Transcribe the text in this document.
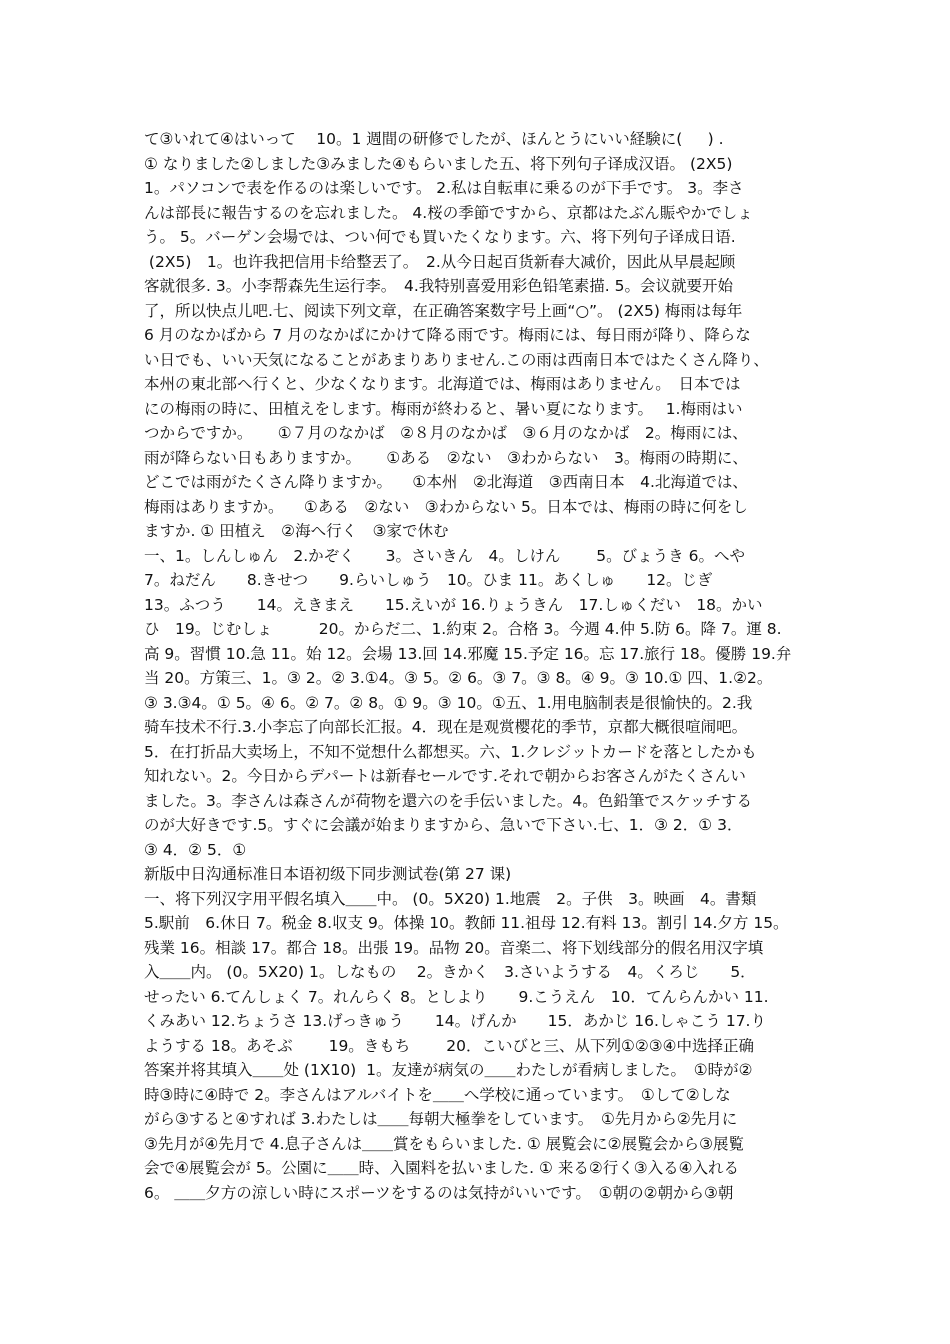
て③いれて④はいって　 10。1 週間の研修でしたが、ほんとうにいい経験に(　  ) .
① なりました②しました③みました④もらいました五、将下列句子译成汉语。 (2X5)
1。パソコンで表を作るのは楽しいです。 2.私は自転車に乗るのが下手です。 3。李さ
んは部長に報告するのを忘れました。 4.桜の季節ですから、京都はたぶん賑やかでしょ
う。 5。バーゲン会場では、つい何でも買いたくなります。六、将下列句子译成日语.
(2X5)　1。也许我把信用卡给整丟了。　2.从今日起百货新春大减价，因此从早晨起顾
客就很多. 3。小李帮森先生运行李。　4.我特别喜爱用彩色铅笔素描. 5。会议就要开始
了，所以快点儿吧.七、阅读下列文章，在正确答案数字号上画“○”。 (2X5) 梅雨は每年
6 月のなかばから 7 月のなかばにかけて降る雨です。梅雨には、每日雨が降り、降らな
い日でも、いい天気になることがあまりありません.この雨は西南日本ではたくさん降り、
本州の東北部へ行くと、少なくなります。北海道では、梅雨はありません。　日本では
にの梅雨の時に、田植えをします。梅雨が終わると、暑い夏になります。　 1.梅雨はい
つからですか。 　 ①７月のなかば　②８月のなかば　③６月のなかば　2。梅雨には、
雨が降らない日もありますか。 　 ①ある　②ない　③わからない　3。梅雨の時期に、
どこでは雨がたくさん降りますか。 　①本州　②北海道　③西南日本　4.北海道では、
梅雨はありますか。 　①ある　②ない　③わからない 5。日本では、梅雨の時に何をし
ますか. ① 田植え　②海へ行く　③家で休む
一、1。しんしゅん　2.かぞく　　3。さいきん　4。しけん　　 5。びょうき 6。へや
7。ねだん　　8.きせつ　　9.らいしゅう　10。ひま 11。あくしゅ　　12。じぎ
13。ふつう　　14。えきまえ　　15.えいが 16.りょうきん　17.しゅくだい　18。かい
ひ　19。じむしょ　　　20。からだ二、1.約束 2。合格 3。今週 4.仲 5.防 6。降 7。運 8.
高 9。習慣 10.急 11。始 12。会場 13.回 14.邪魔 15.予定 16。忘 17.旅行 18。優勝 19.弁
当 20。方策三、1。③ 2。② 3.①4。③ 5。② 6。③ 7。③ 8。④ 9。③ 10.① 四、1.②2。
③ 3.③4。① 5。④ 6。② 7。② 8。① 9。③ 10。①五、1.用电脑制表是很愉快的。2.我
骑车技术不行.3.小李忘了向部长汇报。4．现在是观赏樱花的季节，京都大概很喧闹吧。
5．在打折品大卖场上，不知不觉想什么都想买。六、1.クレジットカードを落としたかも
知れない。2。今日からデパートは新春セールです.それで朝からお客さんがたくさんい
ました。3。李さんは森さんが荷物を還六のを手伝いました。4。色鉛筆でスケッチする
のが大好きです.5。すぐに会議が始まりますから、急いで下さい.七、1．③ 2．① 3．
③ 4．② 5．①
新版中日沟通标准日本语初级下同步测试卷(第 27 课)
一、将下列汉字用平假名填入＿＿中。 (0。5X20) 1.地震　2。子供　3。映画　4。書類
5.駅前　6.休日 7。税金 8.収支 9。体操 10。教師 11.祖母 12.有料 13。割引 14.夕方 15。
残業 16。相談 17。都合 18。出張 19。品物 20。音楽二、将下划线部分的假名用汉字填
入＿＿内。 (0。5X20) 1。しなもの　 2。きかく　3.さいようする　4。くろじ　　5．
せったい 6.てんしょく 7。れんらく 8。としより　　9.こうえん　10．てんらんかい 11.
くみあい 12.ちょうさ 13.げっきゅう　　14。げんか　　15．あかじ 16.しゃこう 17.り
ようする 18。あそぶ　　 19。きもち　　 20．こいびと三、从下列①②③④中选择正确
答案并将其填入＿＿处 (1X10)  1。友達が病気の＿＿わたしが看病しました。　①時が②
時③時に④時で 2。李さんはアルバイトを＿＿へ学校に通っています。　①して②しな
がら③すると④すれば 3.わたしは＿＿每朝大極拳をしています。　①先月から②先月に
③先月が④先月で 4.息子さんは＿＿賞をもらいました. ① 展覧会に②展覧会から③展覧
会で④展覧会が 5。公園に＿＿時、入園料を払いました. ① 来る②行く③入る④入れる
6。 ＿＿夕方の涼しい時にスポーツをするのは気持がいいです。　①朝の②朝から③朝
